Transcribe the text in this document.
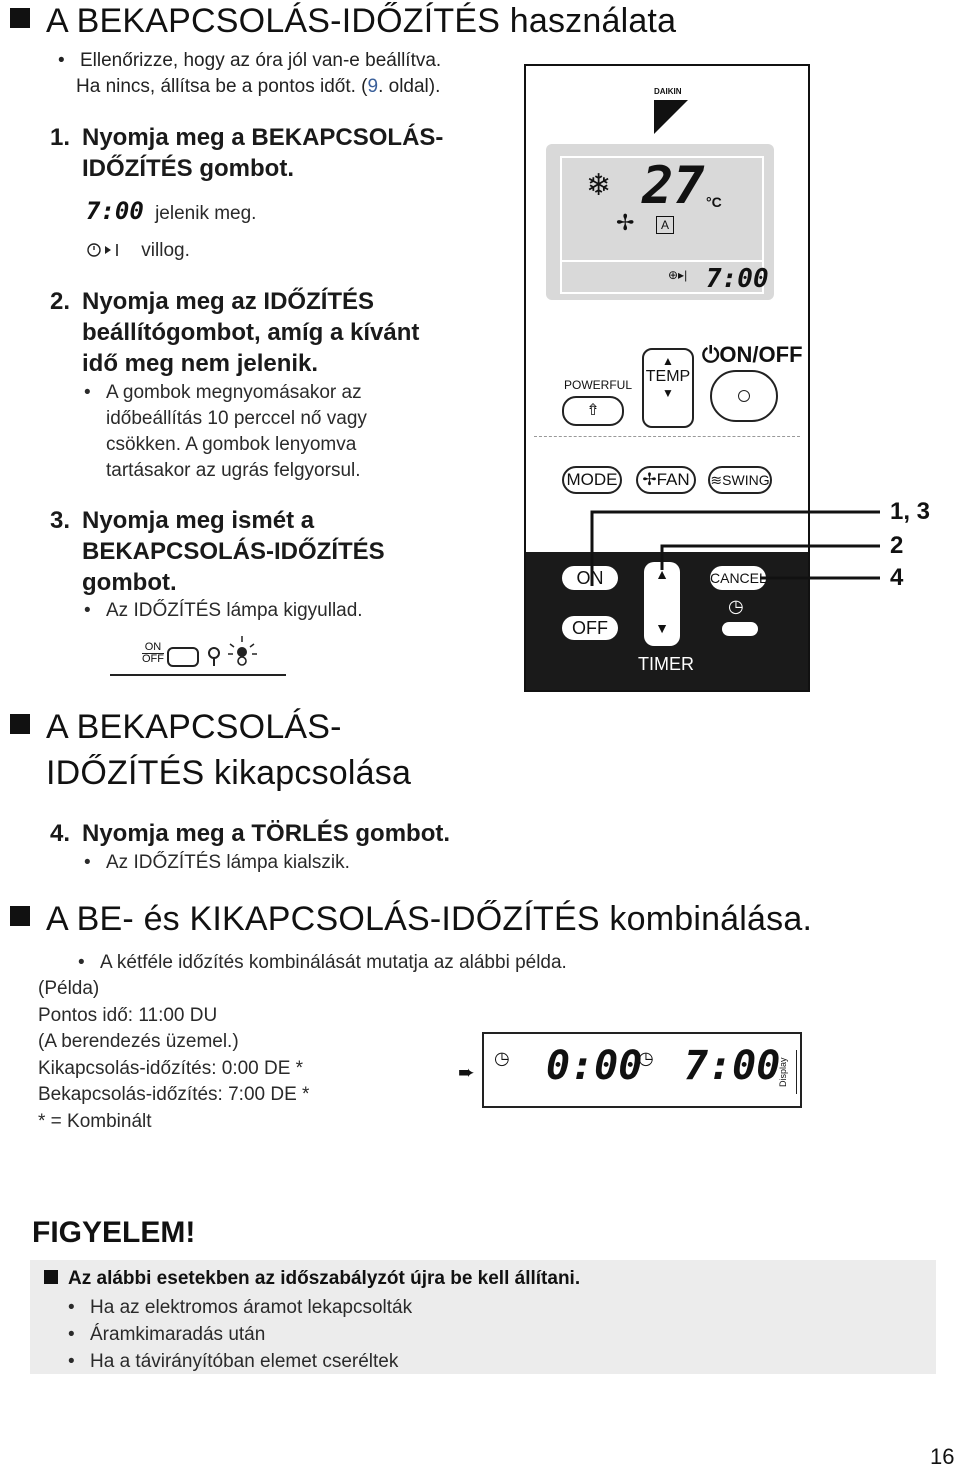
A BEKAPCSOLÁS-IDŐZÍTÉS használata
• Ellenőrizze, hogy az óra jól van-e beállítva.
Ha nincs, állítsa be a pontos időt. (9. oldal).
1. Nyomja meg a BEKAPCSOLÁS-
IDŐZÍTÉS gombot.
7:00 jelenik meg.
villog.
2. Nyomja meg az IDŐZÍTÉS
beállítógombot, amíg a kívánt
idő meg nem jelenik.
• A gombok megnyomásakor az
időbeállítás 10 perccel nő vagy
csökken. A gombok lenyomva
tartásakor az ugrás felgyorsul.
3. Nyomja meg ismét a
BEKAPCSOLÁS-IDŐZÍTÉS
gombot.
• Az IDŐZÍTÉS lámpa kigyullad.
ON
OFF
DAIKIN
❄ 27 °C
✢	A
⊕▸| 7:00
POWERFUL
⇮
▲
TEMP
▼
⏻ON/OFF
MODE	✢FAN	≋SWING
ON
OFF
▲
▼
TIMER
CANCEL
◷
1, 3
2
4
A BEKAPCSOLÁS-
IDŐZÍTÉS kikapcsolása
4. Nyomja meg a TÖRLÉS gombot.
• Az IDŐZÍTÉS lámpa kialszik.
A BE- és KIKAPCSOLÁS-IDŐZÍTÉS kombinálása.
• A kétféle időzítés kombinálását mutatja az alábbi példa.
(Példa)
Pontos idő: 11:00 DU
(A berendezés üzemel.)
Kikapcsolás-időzítés: 0:00 DE *
Bekapcsolás-időzítés: 7:00 DE *
* = Kombinált
➨
◷ 0:00
◷ 7:00
Display
FIGYELEM!
Az alábbi esetekben az időszabályzót újra be kell állítani.
• Ha az elektromos áramot lekapcsolták
• Áramkimaradás után
• Ha a távirányítóban elemet cseréltek
16
